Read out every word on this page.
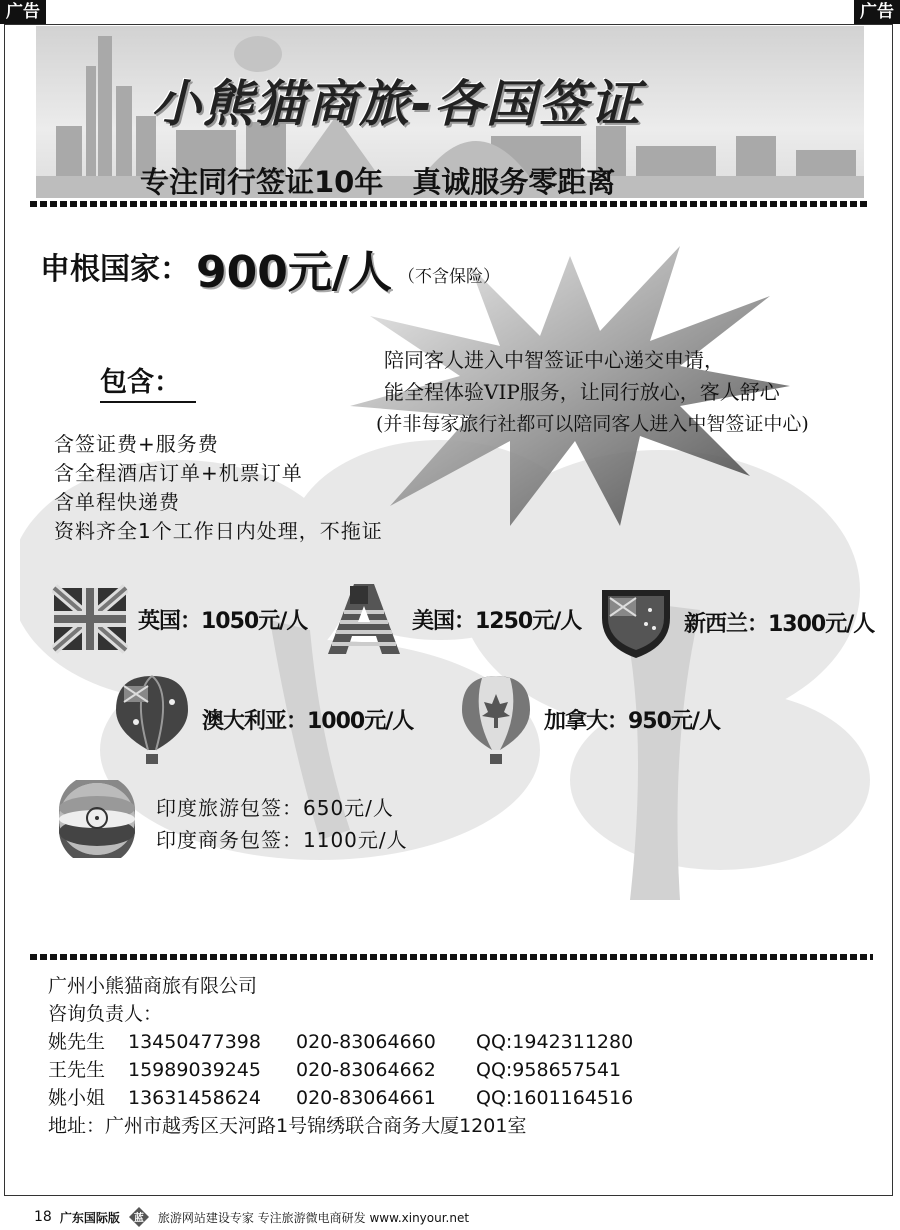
广告	广告
小熊猫商旅-各国签证
专注同行签证10年　真诚服务零距离
申根国家： 900元/人 （不含保险）
包含：
陪同客人进入中智签证中心递交申请，
能全程体验VIP服务，让同行放心，客人舒心
(并非每家旅行社都可以陪同客人进入中智签证中心)
含签证费+服务费
含全程酒店订单+机票订单
含单程快递费
资料齐全1个工作日内处理，不拖证
英国：1050元/人	美国：1250元/人	新西兰：1300元/人
澳大利亚：1000元/人	加拿大：950元/人
印度旅游包签：650元/人
印度商务包签：1100元/人
广州小熊猫商旅有限公司
咨询负责人：
姚先生	13450477398	020-83064660	QQ:1942311280
王先生	15989039245	020-83064662	QQ:958657541
姚小姐	13631458624	020-83064661	QQ:1601164516
地址：广州市越秀区天河路1号锦绣联合商务大厦1201室
18 广东国际版	蓝	旅游网站建设专家 专注旅游微电商研发 www.xinyour.net
